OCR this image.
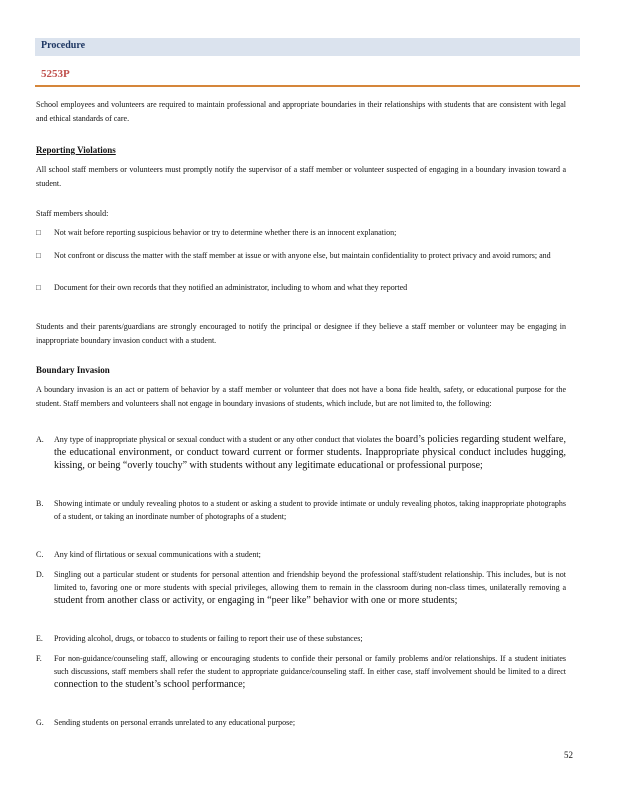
Procedure
5253P
School employees and volunteers are required to maintain professional and appropriate boundaries in their relationships with students that are consistent with legal and ethical standards of care.
Reporting Violations
All school staff members or volunteers must promptly notify the supervisor of a staff member or volunteer suspected of engaging in a boundary invasion toward a student.
Staff members should:
□	Not wait before reporting suspicious behavior or try to determine whether there is an innocent explanation;
□	Not confront or discuss the matter with the staff member at issue or with anyone else, but maintain confidentiality to protect privacy and avoid rumors; and
□	Document for their own records that they notified an administrator, including to whom and what they reported
Students and their parents/guardians are strongly encouraged to notify the principal or designee if they believe a staff member or volunteer may be engaging in inappropriate boundary invasion conduct with a student.
Boundary Invasion
A boundary invasion is an act or pattern of behavior by a staff member or volunteer that does not have a bona fide health, safety, or educational purpose for the student. Staff members and volunteers shall not engage in boundary invasions of students, which include, but are not limited to, the following:
A.	Any type of inappropriate physical or sexual conduct with a student or any other conduct that violates the board’s policies regarding student welfare, the educational environment, or conduct toward current or former students. Inappropriate physical conduct includes hugging, kissing, or being “overly touchy” with students without any legitimate educational or professional purpose;
B.	Showing intimate or unduly revealing photos to a student or asking a student to provide intimate or unduly revealing photos, taking inappropriate photographs of a student, or taking an inordinate number of photographs of a student;
C.	Any kind of flirtatious or sexual communications with a student;
D.	Singling out a particular student or students for personal attention and friendship beyond the professional staff/student relationship. This includes, but is not limited to, favoring one or more students with special privileges, allowing them to remain in the classroom during non-class times, unilaterally removing a student from another class or activity, or engaging in “peer like” behavior with one or more students;
E.	Providing alcohol, drugs, or tobacco to students or failing to report their use of these substances;
F.	For non-guidance/counseling staff, allowing or encouraging students to confide their personal or family problems and/or relationships. If a student initiates such discussions, staff members shall refer the student to appropriate guidance/counseling staff. In either case, staff involvement should be limited to a direct connection to the student’s school performance;
G.	Sending students on personal errands unrelated to any educational purpose;
52
